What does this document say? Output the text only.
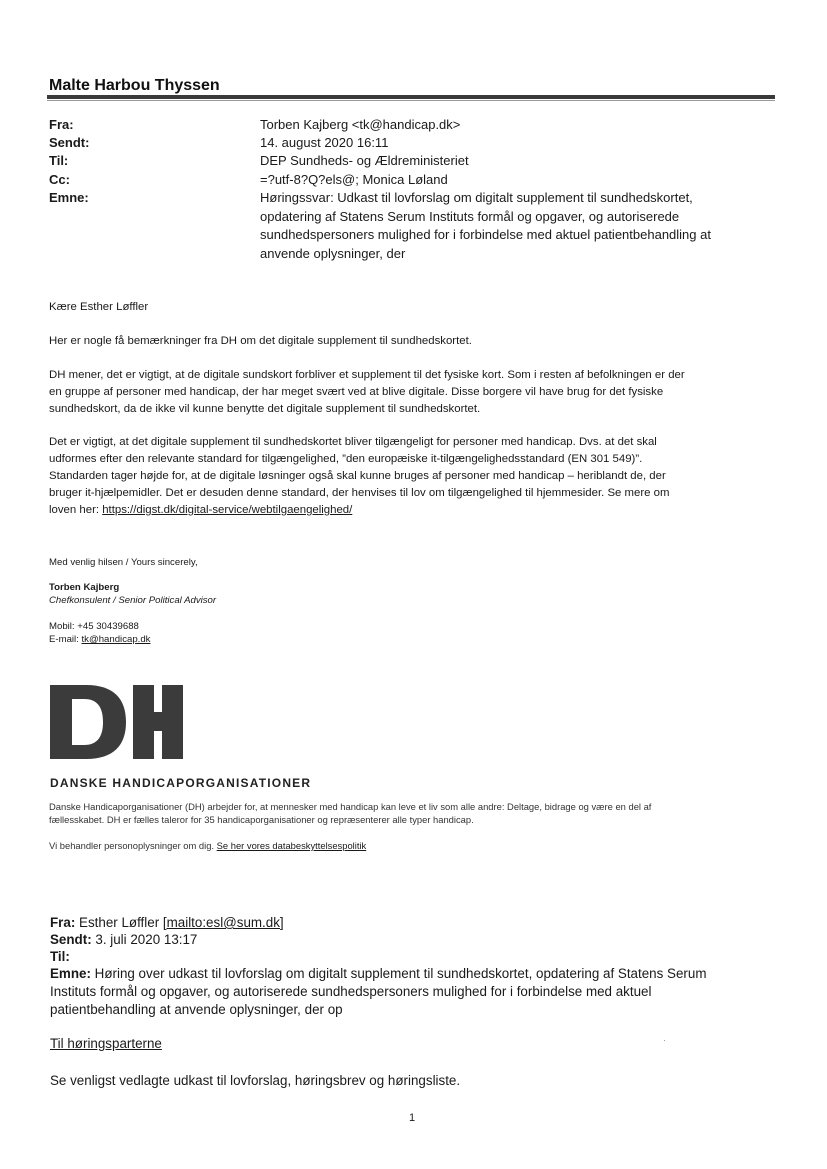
Malte Harbou Thyssen
Fra:	Torben Kajberg <tk@handicap.dk>
Sendt:	14. august 2020 16:11
Til:	DEP Sundheds- og Ældreministeriet
Cc:	=?utf-8?Q?els@; Monica Løland
Emne:	Høringssvar: Udkast til lovforslag om digitalt supplement til sundhedskortet,
opdatering af Statens Serum Instituts formål og opgaver, og autoriserede
sundhedspersoners mulighed for i forbindelse med aktuel patientbehandling at
anvende oplysninger, der
Kære Esther Løffler
Her er nogle få bemærkninger fra DH om det digitale supplement til sundhedskortet.
DH mener, det er vigtigt, at de digitale sundskort forbliver et supplement til det fysiske kort. Som i resten af befolkningen er der
en gruppe af personer med handicap, der har meget svært ved at blive digitale. Disse borgere vil have brug for det fysiske
sundhedskort, da de ikke vil kunne benytte det digitale supplement til sundhedskortet.
Det er vigtigt, at det digitale supplement til sundhedskortet bliver tilgængeligt for personer med handicap. Dvs. at det skal
udformes efter den relevante standard for tilgængelighed, ”den europæiske it-tilgængelighedsstandard (EN 301 549)”.
Standarden tager højde for, at de digitale løsninger også skal kunne bruges af personer med handicap – heriblandt de, der
bruger it-hjælpemidler. Det er desuden denne standard, der henvises til lov om tilgængelighed til hjemmesider. Se mere om
loven her: https://digst.dk/digital-service/webtilgaengelighed/
Med venlig hilsen / Yours sincerely,
Torben Kajberg
Chefkonsulent / Senior Political Advisor
Mobil: +45 30439688
E-mail: tk@handicap.dk
DANSKE HANDICAPORGANISATIONER
Danske Handicaporganisationer (DH) arbejder for, at mennesker med handicap kan leve et liv som alle andre: Deltage, bidrage og være en del af
fællesskabet. DH er fælles taleror for 35 handicaporganisationer og repræsenterer alle typer handicap.
Vi behandler personoplysninger om dig. Se her vores databeskyttelsespolitik
Fra: Esther Løffler [mailto:esl@sum.dk]
Sendt: 3. juli 2020 13:17
Til:
Emne: Høring over udkast til lovforslag om digitalt supplement til sundhedskortet, opdatering af Statens Serum
Instituts formål og opgaver, og autoriserede sundhedspersoners mulighed for i forbindelse med aktuel
patientbehandling at anvende oplysninger, der op
Til høringsparterne
Se venligst vedlagte udkast til lovforslag, høringsbrev og høringsliste.
1
